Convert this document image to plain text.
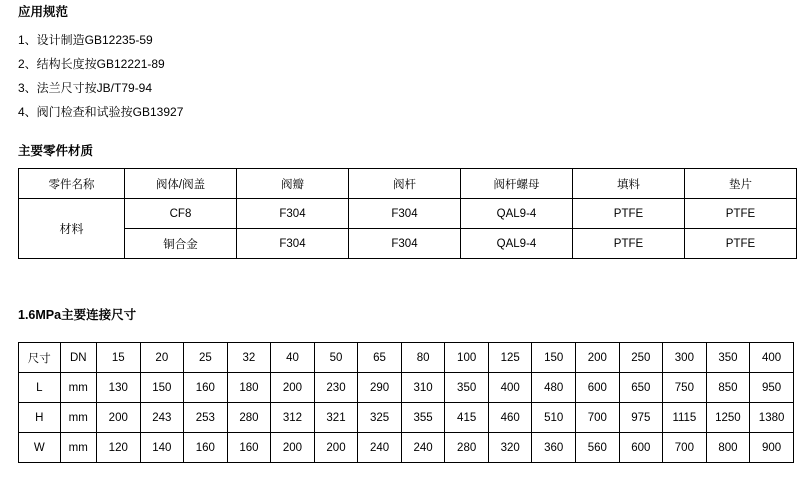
应用规范
1、设计制造GB12235-59
2、结构长度按GB12221-89
3、法兰尺寸按JB/T79-94
4、阀门检查和试验按GB13927
主要零件材质
零件名称	阀体/阀盖	阀瓣	阀杆	阀杆螺母	填料	垫片
材料	CF8	F304	F304	QAL9-4	PTFE	PTFE
	铜合金	F304	F304	QAL9-4	PTFE	PTFE
1.6MPa主要连接尺寸
尺寸	DN	15	20	25	32	40	50	65	80	100	125	150	200	250	300	350	400
L	mm	130	150	160	180	200	230	290	310	350	400	480	600	650	750	850	950
H	mm	200	243	253	280	312	321	325	355	415	460	510	700	975	1115	1250	1380
W	mm	120	140	160	160	200	200	240	240	280	320	360	560	600	700	800	900
